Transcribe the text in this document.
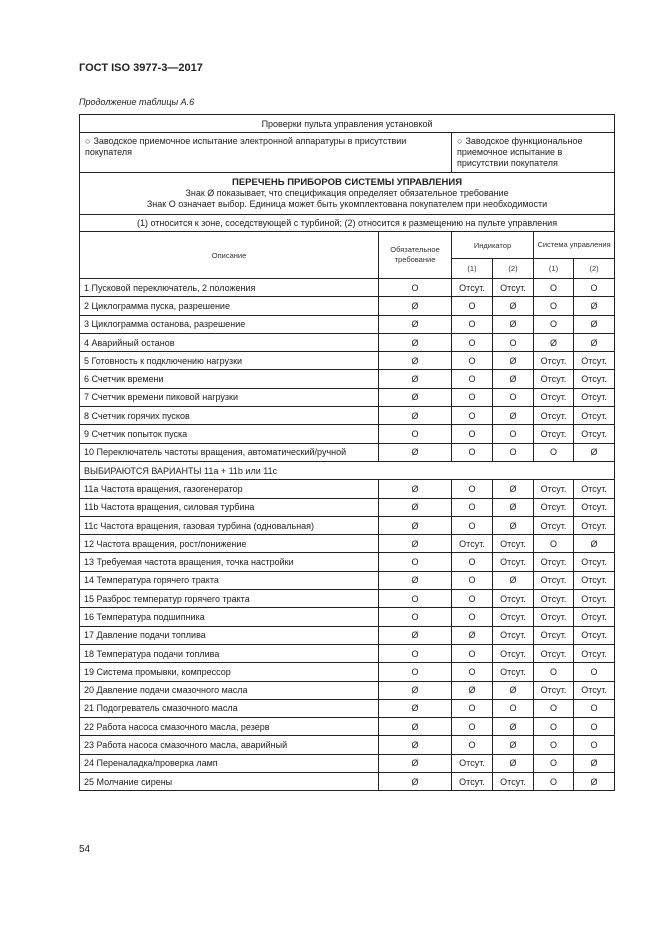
ГОСТ ISO 3977-3—2017
Продолжение таблицы А.6
Проверки пульта управления установкой					
○ Заводское приемочное испытание электронной аппаратуры в присутствии покупателя		○ Заводское функциональное приемочное испытание в присутствии покупателя			

ПЕРЕЧЕНЬ ПРИБОРОВ СИСТЕМЫ УПРАВЛЕНИЯ
Знак Ø показывает, что спецификация определяет обязательное требование
Знак О означает выбор. Единица может быть укомплектована покупателем при необходимости					

(1) относится к зоне, соседствующей с турбиной; (2) относится к размещению на пульте управления					
Описание	Обязательное требование	Индикатор		Система управления	
		(1)	(2)	(1)	(2)
1 Пусковой переключатель, 2 положения	О	Отсут.	Отсут.	О	О
2 Циклограмма пуска, разрешение	Ø	О	Ø	О	Ø
3 Циклограмма останова, разрешение	Ø	О	Ø	О	Ø
4 Аварийный останов	Ø	О	О	Ø	Ø
5 Готовность к подключению нагрузки	Ø	О	Ø	Отсут.	Отсут.
6 Счетчик времени	Ø	О	Ø	Отсут.	Отсут.
7 Счетчик времени пиковой нагрузки	Ø	О	О	Отсут.	Отсут.
8 Счетчик горячих пусков	Ø	О	Ø	Отсут.	Отсут.
9 Счетчик попыток пуска	О	О	О	Отсут.	Отсут.
10 Переключатель частоты вращения, автоматический/ручной	Ø	О	О	О	Ø
ВЫБИРАЮТСЯ ВАРИАНТЫ 11a + 11b или 11c					
11a Частота вращения, газогенератор	Ø	О	Ø	Отсут.	Отсут.
11b Частота вращения, силовая турбина	Ø	О	Ø	Отсут.	Отсут.
11c Частота вращения, газовая турбина (одновальная)	Ø	О	Ø	Отсут.	Отсут.
12 Частота вращения, рост/понижение	Ø	Отсут.	Отсут.	О	Ø
13 Требуемая частота вращения, точка настройки	О	О	Отсут.	Отсут.	Отсут.
14 Температура горячего тракта	Ø	О	Ø	Отсут.	Отсут.
15 Разброс температур горячего тракта	О	О	Отсут.	Отсут.	Отсут.
16 Температура подшипника	О	О	Отсут.	Отсут.	Отсут.
17 Давление подачи топлива	Ø	Ø	Отсут.	Отсут.	Отсут.
18 Температура подачи топлива	О	О	Отсут.	Отсут.	Отсут.
19 Система промывки, компрессор	О	О	Отсут.	О	О
20 Давление подачи смазочного масла	Ø	Ø	Ø	Отсут.	Отсут.
21 Подогреватель смазочного масла	Ø	О	О	О	О
22 Работа насоса смазочного масла, резерв	Ø	О	Ø	О	О
23 Работа насоса смазочного масла, аварийный	Ø	О	Ø	О	О
24 Переналадка/проверка ламп	Ø	Отсут.	Ø	О	Ø
25 Молчание сирены	Ø	Отсут.	Отсут.	О	Ø
54
